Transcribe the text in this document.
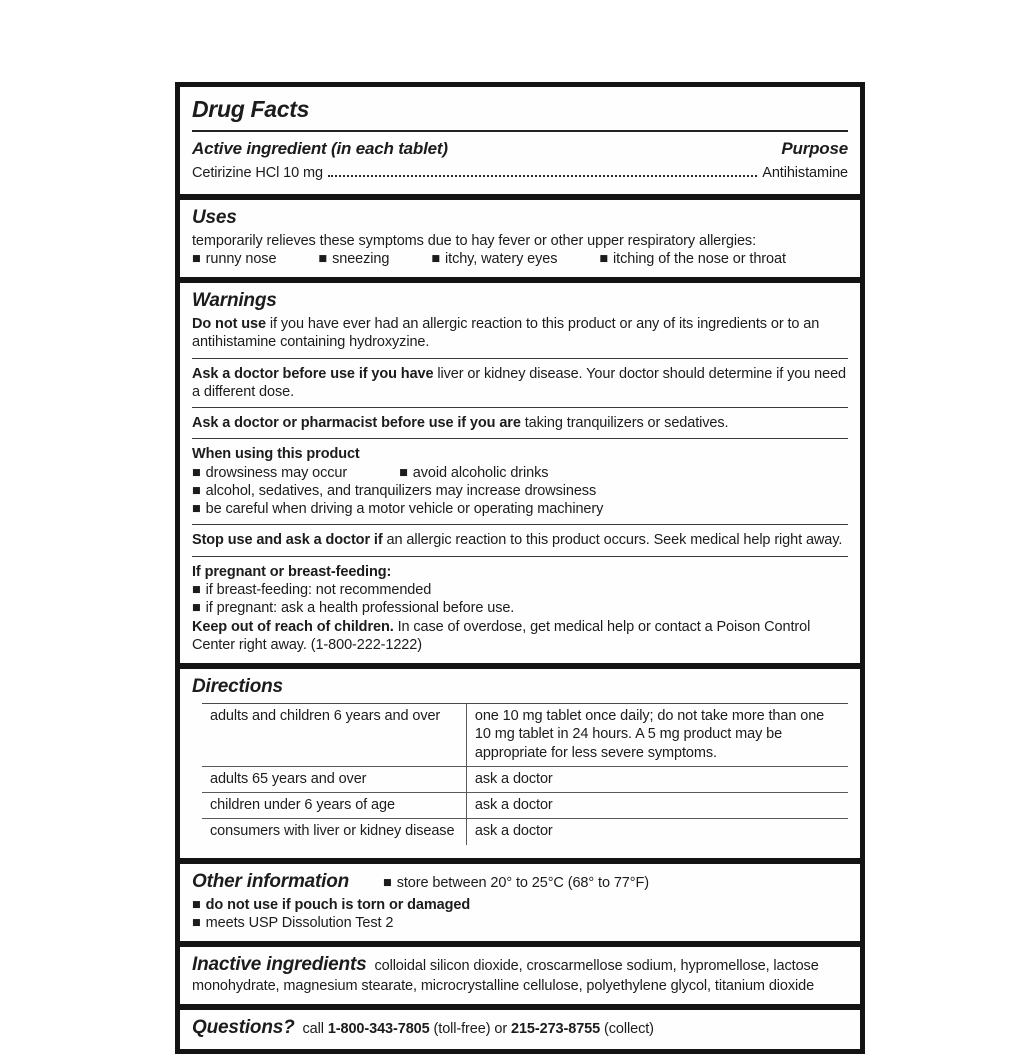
Drug Facts
Active ingredient (in each tablet)	Purpose
Cetirizine HCl 10 mg	Antihistamine
Uses

temporarily relieves these symptoms due to hay fever or other upper respiratory allergies:

■ runny nose	■ sneezing	■ itchy, watery eyes	■ itching of the nose or throat
Warnings

Do not use if you have ever had an allergic reaction to this product or any of its ingredients or to an antihistamine containing hydroxyzine.

Ask a doctor before use if you have liver or kidney disease. Your doctor should determine if you need a different dose.

Ask a doctor or pharmacist before use if you are taking tranquilizers or sedatives.

When using this product

■ drowsiness may occur	■ avoid alcoholic drinks
■ alcohol, sedatives, and tranquilizers may increase drowsiness
■ be careful when driving a motor vehicle or operating machinery

Stop use and ask a doctor if an allergic reaction to this product occurs. Seek medical help right away.

If pregnant or breast-feeding:

■ if breast-feeding: not recommended
■ if pregnant: ask a health professional before use.

Keep out of reach of children. In case of overdose, get medical help or contact a Poison Control Center right away. (1-800-222-1222)

Directions
adults and children 6 years and over	one 10 mg tablet once daily; do not take more than one 10 mg tablet in 24 hours. A 5 mg product may be appropriate for less severe symptoms.
adults 65 years and over	ask a doctor
children under 6 years of age	ask a doctor
consumers with liver or kidney disease	ask a doctor
Other information ■ store between 20° to 25°C (68° to 77°F)
■ do not use if pouch is torn or damaged
■ meets USP Dissolution Test 2
Inactive ingredients colloidal silicon dioxide, croscarmellose sodium, hypromellose, lactose monohydrate, magnesium stearate, microcrystalline cellulose, polyethylene glycol, titanium dioxide
Questions? call 1-800-343-7805 (toll-free) or 215-273-8755 (collect)
